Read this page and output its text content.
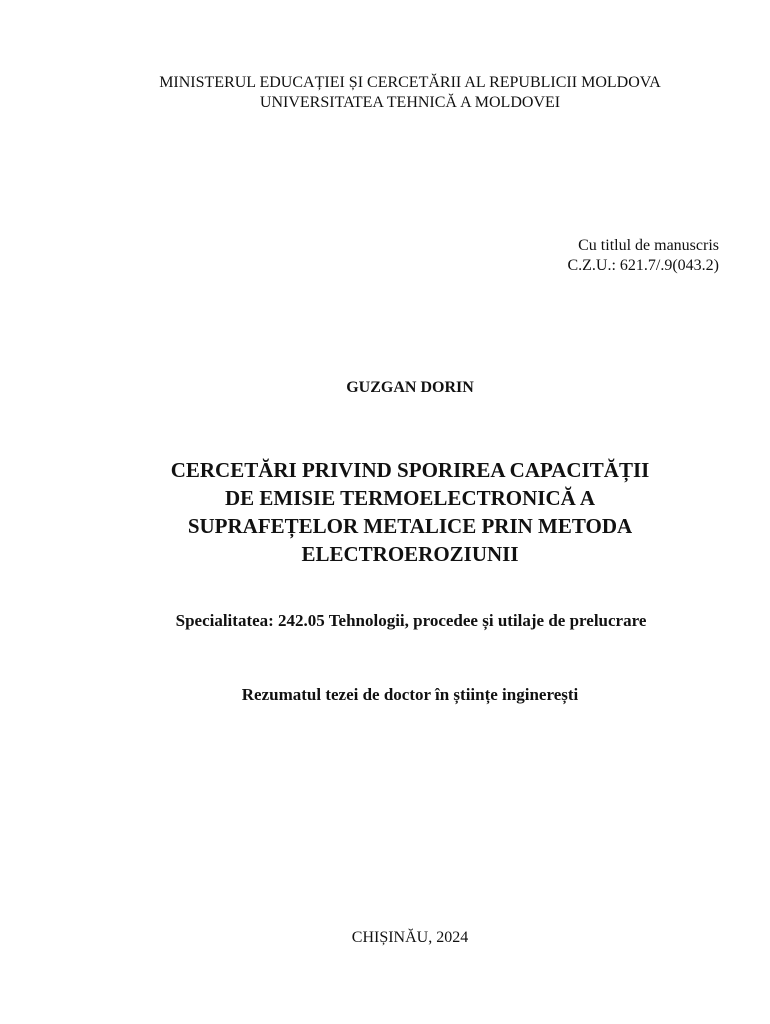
MINISTERUL EDUCAȚIEI ȘI CERCETĂRII AL REPUBLICII MOLDOVA
UNIVERSITATEA TEHNICĂ A MOLDOVEI
Cu titlul de manuscris
C.Z.U.: 621.7/.9(043.2)
GUZGAN DORIN
CERCETĂRI PRIVIND SPORIREA CAPACITĂȚII
DE EMISIE TERMOELECTRONICĂ A
SUPRAFEȚELOR METALICE PRIN METODA
ELECTROEROZIUNII
Specialitatea: 242.05 Tehnologii, procedee și utilaje de prelucrare
Rezumatul tezei de doctor în științe inginerești
CHIȘINĂU, 2024
